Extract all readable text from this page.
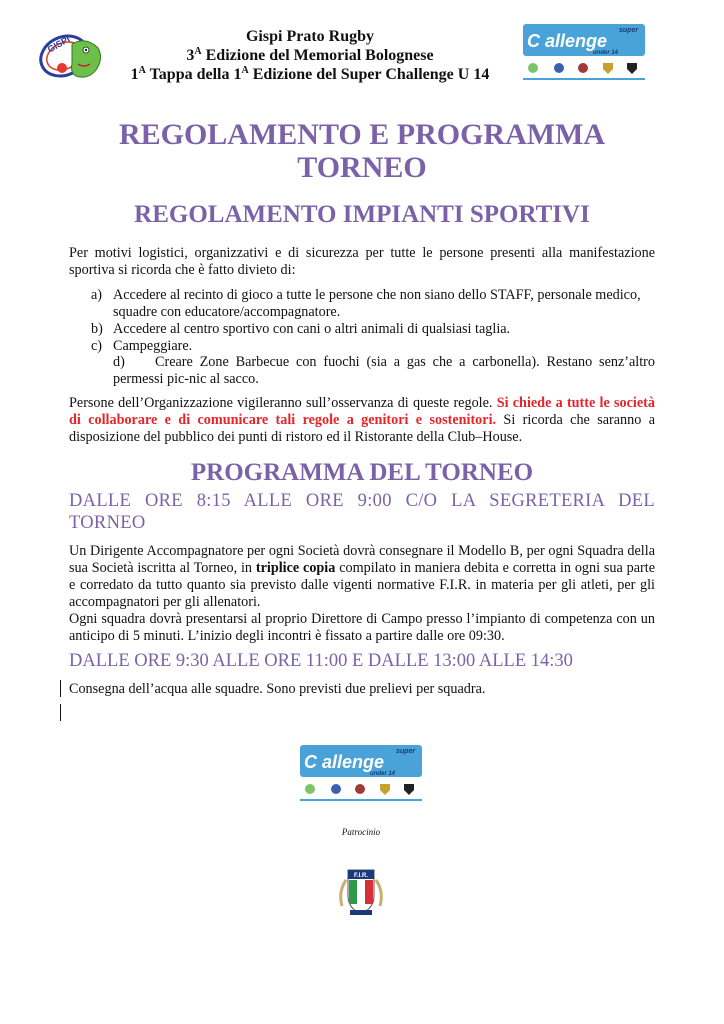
GISPI	Gispi Prato Rugby
$3^A$ Edizione del Memorial Bolognese
$1^A$ Tappa della $1^A$ Edizione del Super Challenge U 14
super
C allenge
under 14
REGOLAMENTO E PROGRAMMA
TORNEO
REGOLAMENTO IMPIANTI SPORTIVI
Per motivi logistici, organizzativi e di sicurezza per tutte le persone presenti alla manifestazione sportiva si ricorda che è fatto divieto di:
a) Accedere al recinto di gioco a tutte le persone che non siano dello STAFF, personale medico, squadre con educatore/accompagnatore.
b) Accedere al centro sportivo con cani o altri animali di qualsiasi taglia.
c) Campeggiare.
d) Creare Zone Barbecue con fuochi (sia a gas che a carbonella). Restano senz’altro permessi pic-nic al sacco.
Persone dell’Organizzazione vigileranno sull’osservanza di queste regole. Si chiede a tutte le società di collaborare e di comunicare tali regole a genitori e sostenitori. Si ricorda che saranno a disposizione del pubblico dei punti di ristoro ed il Ristorante della Club–House.
PROGRAMMA DEL TORNEO
DALLE ORE 8:15 ALLE ORE 9:00 C/O LA SEGRETERIA DEL
TORNEO
Un Dirigente Accompagnatore per ogni Società dovrà consegnare il Modello B, per ogni Squadra della sua Società iscritta al Torneo, in triplice copia compilato in maniera debita e corretta in ogni sua parte e corredato da tutto quanto sia previsto dalle vigenti normative F.I.R. in materia per gli atleti, per gli accompagnatori per gli allenatori.
Ogni squadra dovrà presentarsi al proprio Direttore di Campo presso l’impianto di competenza con un anticipo di 5 minuti. L’inizio degli incontri è fissato a partire dalle ore 09:30.
DALLE ORE 9:30 ALLE ORE 11:00 E DALLE 13:00 ALLE 14:30
Consegna dell’acqua alle squadre. Sono previsti due prelievi per squadra.
super
C allenge
under 14
Patrocinio
F.I.R.
